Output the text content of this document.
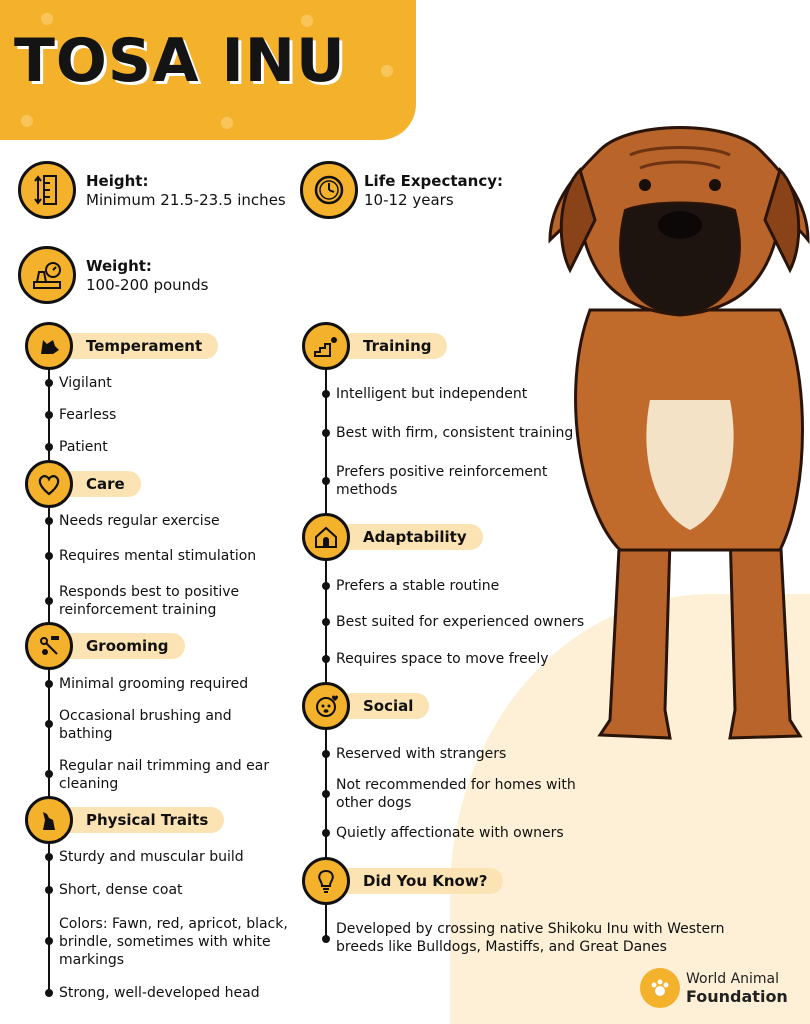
●	●
●
●	●
TOSA INU
Height:
Minimum 21.5-23.5 inches
Life Expectancy:
10-12 years
Weight:
100-200 pounds
Temperament
Vigilant
Fearless
Patient
Care
Needs regular exercise
Requires mental stimulation
Responds best to positive reinforcement training
Grooming
Minimal grooming required
Occasional brushing and bathing
Regular nail trimming and ear cleaning
Physical Traits
Sturdy and muscular build
Short, dense coat
Colors: Fawn, red, apricot, black, brindle, sometimes with white markings
Strong, well-developed head
Training
Intelligent but independent
Best with firm, consistent training
Prefers positive reinforcement methods
Adaptability
Prefers a stable routine
Best suited for experienced owners
Requires space to move freely
Social
Reserved with strangers
Not recommended for homes with other dogs
Quietly affectionate with owners
Did You Know?
Developed by crossing native Shikoku Inu with Western breeds like Bulldogs, Mastiffs, and Great Danes
World Animal
Foundation
